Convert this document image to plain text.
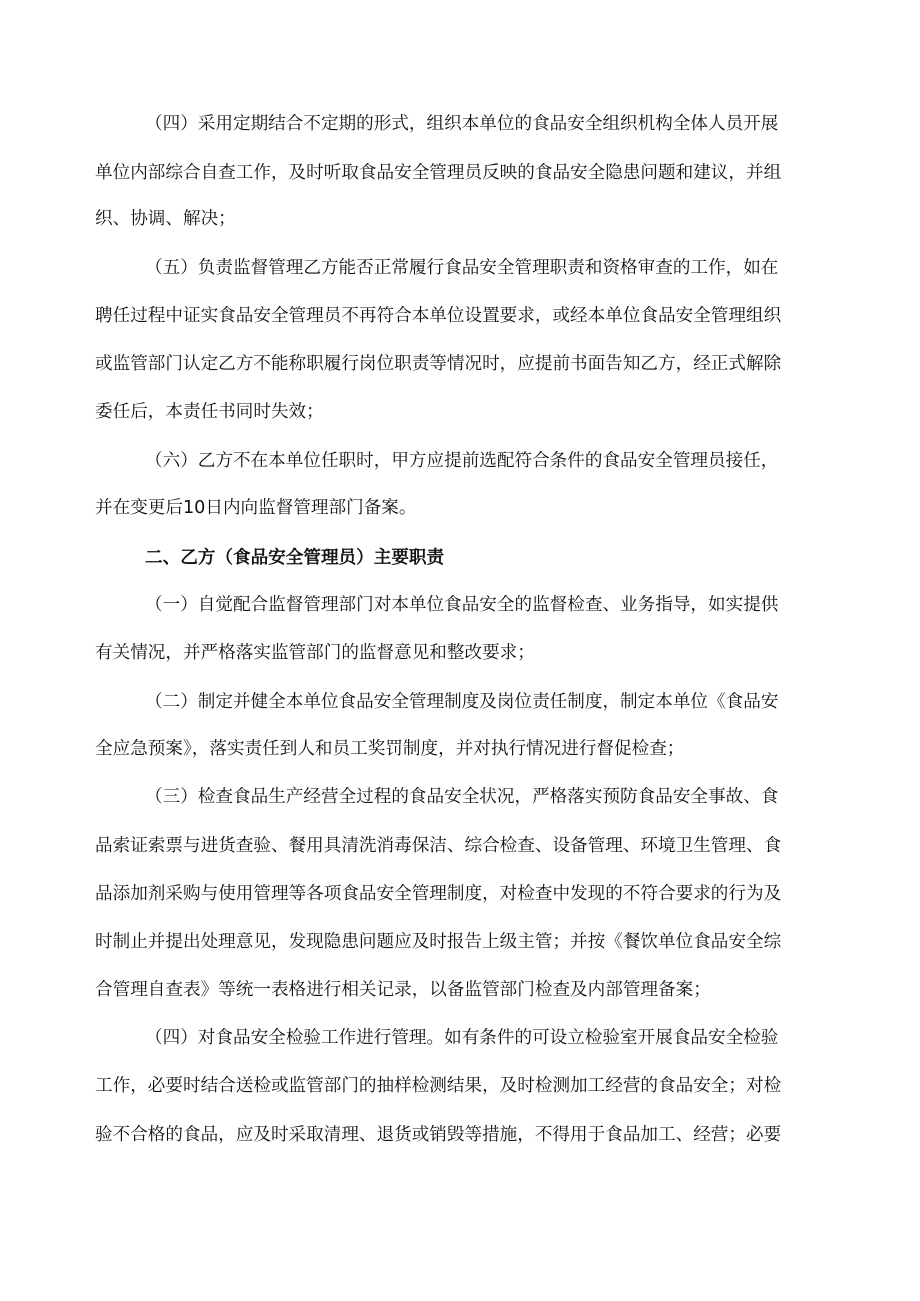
（四）采用定期结合不定期的形式，组织本单位的食品安全组织机构全体人员开展
单位内部综合自查工作，及时听取食品安全管理员反映的食品安全隐患问题和建议，并组
织、协调、解决；
（五）负责监督管理乙方能否正常履行食品安全管理职责和资格审查的工作，如在
聘任过程中证实食品安全管理员不再符合本单位设置要求，或经本单位食品安全管理组织
或监管部门认定乙方不能称职履行岗位职责等情况时，应提前书面告知乙方，经正式解除
委任后，本责任书同时失效；
（六）乙方不在本单位任职时，甲方应提前选配符合条件的食品安全管理员接任，
并在变更后10日内向监督管理部门备案。
二、乙方（食品安全管理员）主要职责
（一）自觉配合监督管理部门对本单位食品安全的监督检查、业务指导，如实提供
有关情况，并严格落实监管部门的监督意见和整改要求；
（二）制定并健全本单位食品安全管理制度及岗位责任制度，制定本单位《食品安
全应急预案》，落实责任到人和员工奖罚制度，并对执行情况进行督促检查；
（三）检查食品生产经营全过程的食品安全状况，严格落实预防食品安全事故、食
品索证索票与进货查验、餐用具清洗消毒保洁、综合检查、设备管理、环境卫生管理、食
品添加剂采购与使用管理等各项食品安全管理制度，对检查中发现的不符合要求的行为及
时制止并提出处理意见，发现隐患问题应及时报告上级主管；并按《餐饮单位食品安全综
合管理自查表》等统一表格进行相关记录，以备监管部门检查及内部管理备案；
（四）对食品安全检验工作进行管理。如有条件的可设立检验室开展食品安全检验
工作，必要时结合送检或监管部门的抽样检测结果，及时检测加工经营的食品安全；对检
验不合格的食品，应及时采取清理、退货或销毁等措施，不得用于食品加工、经营；必要
